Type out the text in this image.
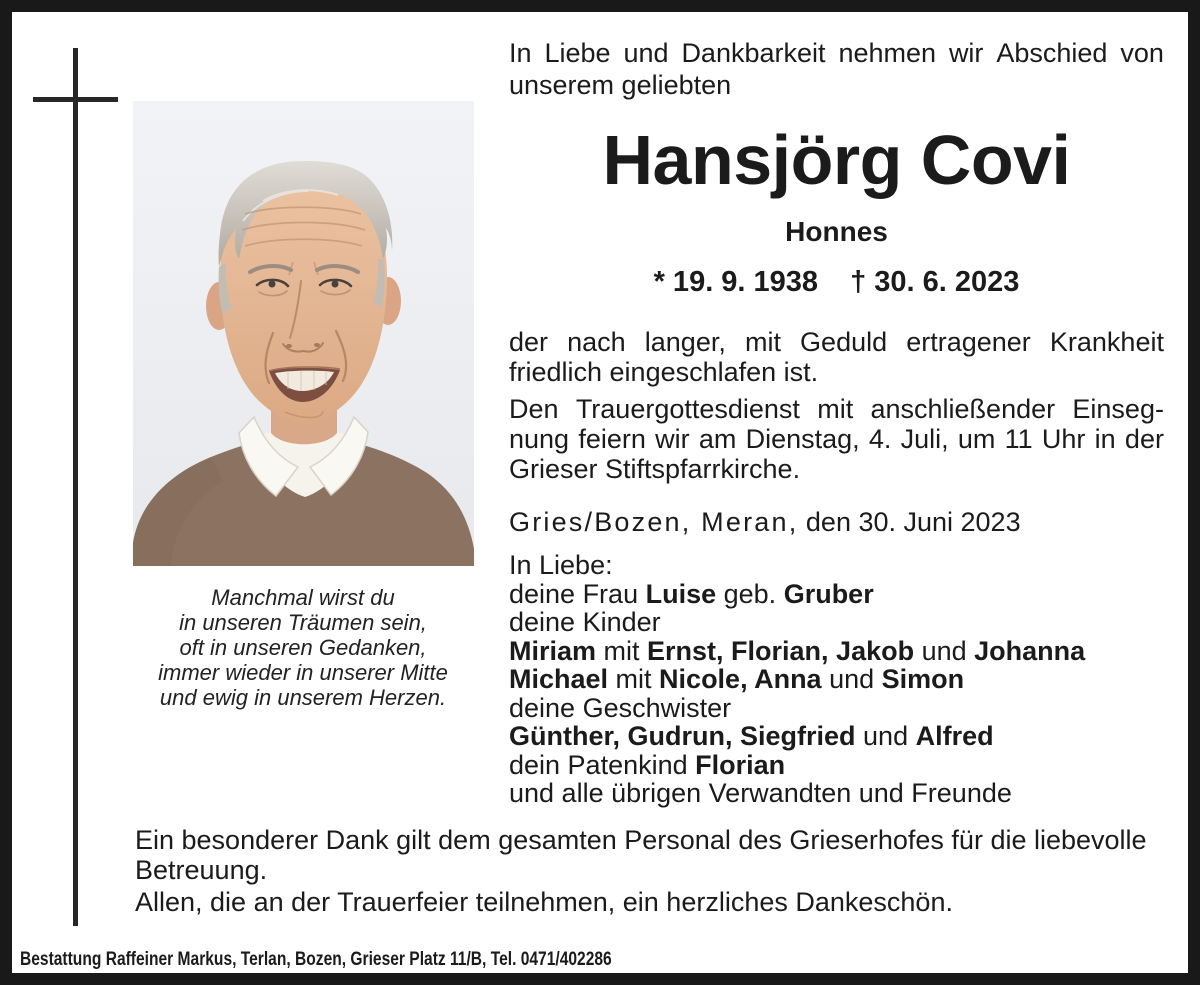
Manchmal wirst du
in unseren Träumen sein,
oft in unseren Gedanken,
immer wieder in unserer Mitte
und ewig in unserem Herzen.
In Liebe und Dankbarkeit nehmen wir Abschied von
unserem geliebten
Hansjörg Covi
Honnes
* 19. 9. 1938 † 30. 6. 2023
der nach langer, mit Geduld ertragener Krankheit
friedlich eingeschlafen ist.
Den Trauergottesdienst mit anschließender Einseg-
nung feiern wir am Dienstag, 4. Juli, um 11 Uhr in der
Grieser Stiftspfarrkirche.
Gries/Bozen, Meran, den 30. Juni 2023
In Liebe:
deine Frau Luise geb. Gruber
deine Kinder
Miriam mit Ernst, Florian, Jakob und Johanna
Michael mit Nicole, Anna und Simon
deine Geschwister
Günther, Gudrun, Siegfried und Alfred
dein Patenkind Florian
und alle übrigen Verwandten und Freunde
Ein besonderer Dank gilt dem gesamten Personal des Grieserhofes für die liebevolle
Betreuung.
Allen, die an der Trauerfeier teilnehmen, ein herzliches Dankeschön.
Bestattung Raffeiner Markus, Terlan, Bozen, Grieser Platz 11/B, Tel. 0471/402286
